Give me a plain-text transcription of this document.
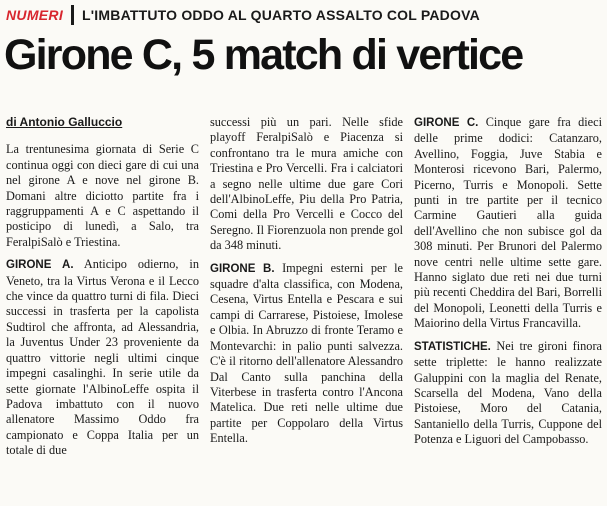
NUMERI L'IMBATTUTO ODDO AL QUARTO ASSALTO COL PADOVA
Girone C, 5 match di vertice

di Antonio Galluccio

La trentunesima giornata di Serie C continua oggi con dieci gare di cui una nel girone A e nove nel girone B. Domani altre diciotto partite fra i raggruppamenti A e C aspettando il posticipo di lunedì, a Salo, tra FeralpiSalò e Triestina.

GIRONE A. Anticipo odierno, in Veneto, tra la Virtus Verona e il Lecco che vince da quattro turni di fila. Dieci successi in trasferta per la capolista Sudtirol che affronta, ad Alessandria, la Juventus Under 23 proveniente da quattro vittorie negli ultimi cinque impegni casalinghi. In serie utile da sette giornate l'AlbinoLeffe ospita il Padova imbattuto con il nuovo allenatore Massimo Oddo fra campionato e Coppa Italia per un totale di due

successi più un pari. Nelle sfide playoff FeralpiSalò e Piacenza si confrontano tra le mura amiche con Triestina e Pro Vercelli. Fra i calciatori a segno nelle ultime due gare Cori dell'AlbinoLeffe, Piu della Pro Patria, Comi della Pro Vercelli e Cocco del Seregno. Il Fiorenzuola non prende gol da 348 minuti.

GIRONE B. Impegni esterni per le squadre d'alta classifica, con Modena, Cesena, Virtus Entella e Pescara e sui campi di Carrarese, Pistoiese, Imolese e Olbia. In Abruzzo di fronte Teramo e Montevarchi: in palio punti salvezza. C'è il ritorno dell'allenatore Alessandro Dal Canto sulla panchina della Viterbese in trasferta contro l'Ancona Matelica. Due reti nelle ultime due partite per Coppolaro della Virtus Entella.

GIRONE C. Cinque gare fra dieci delle prime dodici: Catanzaro, Avellino, Foggia, Juve Stabia e Monterosi ricevono Bari, Palermo, Picerno, Turris e Monopoli. Sette punti in tre partite per il tecnico Carmine Gautieri alla guida dell'Avellino che non subisce gol da 308 minuti. Per Brunori del Palermo nove centri nelle ultime sette gare. Hanno siglato due reti nei due turni più recenti Cheddira del Bari, Borrelli del Monopoli, Leonetti della Turris e Maiorino della Virtus Francavilla.

STATISTICHE. Nei tre gironi finora sette triplette: le hanno realizzate Galuppini con la maglia del Renate, Scarsella del Modena, Vano della Pistoiese, Moro del Catania, Santaniello della Turris, Cuppone del Potenza e Liguori del Campobasso.
